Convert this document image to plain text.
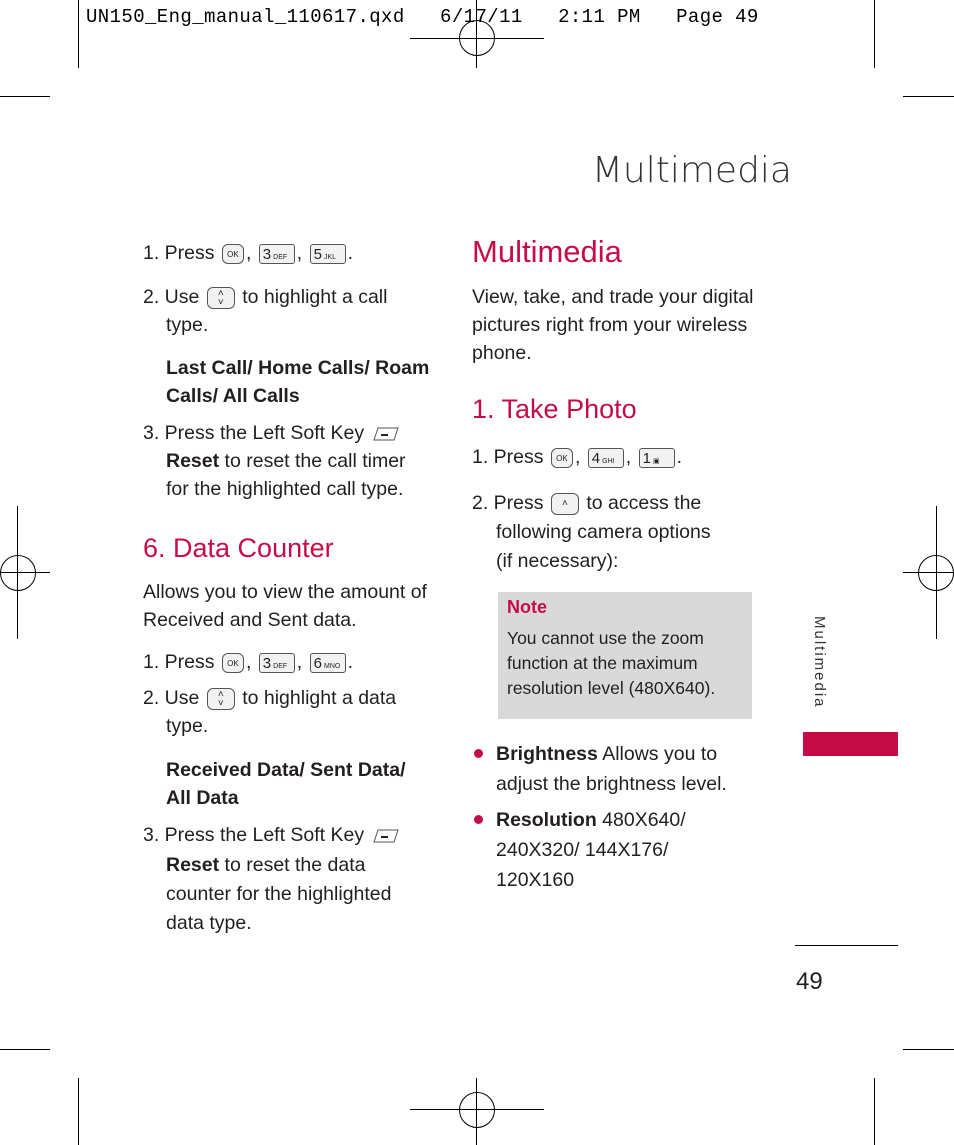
UN150_Eng_manual_110617.qxd   6/17/11   2:11 PM   Page 49
Multimedia
1. Press OK , 3 DEF , 5 JKL .
2. Use ˄
˅ to highlight a call
type.
Last Call/ Home Calls/ Roam
Calls/ All Calls
3. Press the Left Soft Key
Reset to reset the call timer
for the highlighted call type.
6. Data Counter
Allows you to view the amount of
Received and Sent data.
1. Press OK , 3 DEF , 6 MNO .
2. Use ˄
˅ to highlight a data
type.
Received Data/ Sent Data/
All Data
3. Press the Left Soft Key
Reset to reset the data
counter for the highlighted
data type.
Multimedia
View, take, and trade your digital
pictures right from your wireless
phone.
1. Take Photo
1. Press OK , 4 GHI , 1 ▣ .
2. Press ˄ to access the
following camera options
(if necessary):
Note
You cannot use the zoom
function at the maximum
resolution level (480X640).
Brightness Allows you to
adjust the brightness level.
Resolution 480X640/
240X320/ 144X176/
120X160
Multimedia
49
